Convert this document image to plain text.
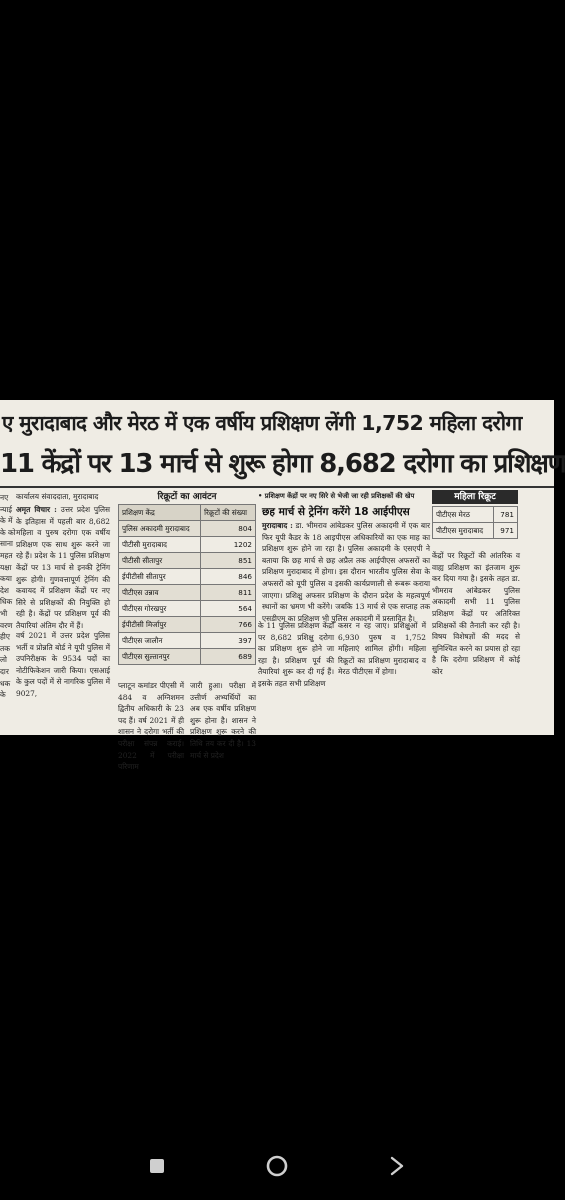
ए मुरादाबाद और मेरठ में एक वर्षीय प्रशिक्षण लेंगी 1,752 महिला दरोगा
11 केंद्रों पर 13 मार्च से शुरू होगा 8,682 दरोगा का प्रशिक्षण
नए
न्याई
के में
के को
साना
महत
यक्षा
कया
देश
धिक
भी
वरण
हीए
तक
लो
दार
धक
के
कार्यालय संवाददाता, मुरादाबाद
अमृत विचार : उत्तर प्रदेश पुलिस के इतिहास में पहली बार 8,682 महिला व पुरुष दरोगा एक वर्षीय प्रशिक्षण एक साथ शुरू करने जा रहे हैं। प्रदेश के 11 पुलिस प्रशिक्षण केंद्रों पर 13 मार्च से इनकी ट्रेनिंग शुरू होगी। गुणवत्तापूर्ण ट्रेनिंग की कवायद में प्रशिक्षण केंद्रों पर नए सिरे से प्रशिक्षकों की नियुक्ति हो रही है। केंद्रों पर प्रशिक्षण पूर्व की तैयारियां अंतिम दौर में हैं।
रिक्रूटों का आवंटन
प्रशिक्षण केंद्र	रिक्रूटों की संख्या
पुलिस अकादमी मुरादाबाद	804
पीटीसी मुरादाबाद	1202
पीटीसी सीतापुर	851
ईपीटीसी सीतापुर	846
पीटीएस उन्नाव	811
पीटीएस गोरखपुर	564
ईपीटीसी मिर्जापुर	766
पीटीएस जालौन	397
पीटीएस सुल्तानपुर	689
• प्रशिक्षण केंद्रों पर नए सिरे से भेजी जा रही प्रशिक्षकों की खेप
छह मार्च से ट्रेनिंग करेंगे 18 आईपीएस
मुरादाबाद : डा. भीमराव आंबेडकर पुलिस अकादमी में एक बार फिर यूपी कैडर के 18 आइपीएस अधिकारियों का एक माह का प्रशिक्षण शुरू होने जा रहा है। पुलिस अकादमी के एसएपी ने बताया कि छह मार्च से छह अप्रैल तक आईपीएस अफसरों का प्रशिक्षण मुरादाबाद में होगा। इस दौरान भारतीय पुलिस सेवा के अफसरों को यूपी पुलिस व इसकी कार्यप्रणाली से रूबरू कराया जाएगा। प्रशिक्षु अफसर प्रशिक्षण के दौरान प्रदेश के महत्वपूर्ण स्थानों का भ्रमण भी करेंगे। जबकि 13 मार्च से एक सप्ताह तक एसडीएम का प्रशिक्षण भी पुलिस अकादमी में प्रस्तावित है।
महिला रिक्रूट
पीटीएस मेरठ	781
पीटीएस मुरादाबाद	971
केंद्रों पर रिक्रूटों की आंतरिक व वाह्य प्रशिक्षण का इंतजाम शुरू कर दिया गया है। इसके तहत डा. भीमराव आंबेडकर पुलिस अकादमी सभी 11 पुलिस प्रशिक्षण केंद्रों पर अतिरिक्त प्रशिक्षकों की तैनाती कर रही है। विषय विशेषज्ञों की मदद से सुनिश्चित करने का प्रयास हो रहा है कि दरोगा प्रशिक्षण में कोई कोर
वर्ष 2021 में उत्तर प्रदेश पुलिस भर्ती व प्रोन्नति बोर्ड ने यूपी पुलिस में उपनिरीक्षक के 9534 पदों का नोटीफिकेशन जारी किया। एसआई के कुल पदों में से नागरिक पुलिस में 9027,
प्लाटून कमांडर पीएसी में 484 व अग्निशमन द्वितीय अधिकारी के 23 पद हैं। वर्ष 2021 में ही शासन ने दरोगा भर्ती की परीक्षा संपन्न कराई। 2022 में परीक्षा परिणाम
जारी हुआ। परीक्षा में उत्तीर्ण अभ्यर्थियों का अब एक वर्षीय प्रशिक्षण शुरू होना है। शासन ने प्रशिक्षण शुरू करने की तिथि तय कर दी है। 13 मार्च से प्रदेश
के 11 पुलिस प्रशिक्षण केंद्रों पर 8,682 प्रशिक्षु दरोगा का प्रशिक्षण शुरू होने जा रहा है। प्रशिक्षण पूर्व की तैयारियां शुरू कर दी गई हैं। इसके तहत सभी प्रशिक्षण
कसर न रह जाए। प्रशिक्षुओं में 6,930 पुरुष व 1,752 महिलाएं शामिल होंगी। महिला रिक्रूटों का प्रशिक्षण मुरादाबाद व मेरठ पीटीएस में होगा।
